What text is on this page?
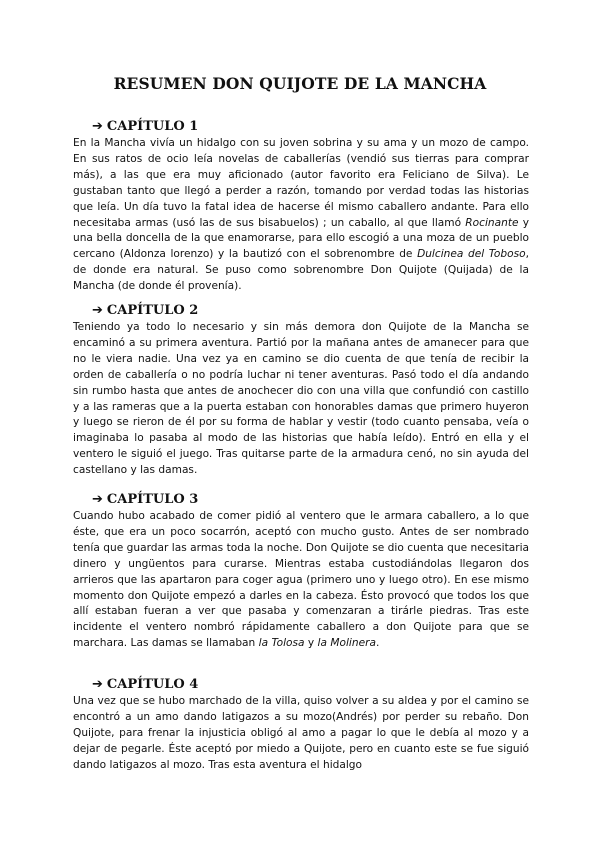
RESUMEN DON QUIJOTE DE LA MANCHA
➔ CAPÍTULO 1
En la Mancha vivía un hidalgo con su joven sobrina y su ama y un mozo de campo. En sus ratos de ocio leía novelas de caballerías (vendió sus tierras para comprar más), a las que era muy aficionado (autor favorito era Feliciano de Silva). Le gustaban tanto que llegó a perder a razón, tomando por verdad todas las historias que leía. Un día tuvo la fatal idea de hacerse él mismo caballero andante. Para ello necesitaba armas (usó las de sus bisabuelos) ; un caballo, al que llamó Rocinante y una bella doncella de la que enamorarse, para ello escogió a una moza de un pueblo cercano (Aldonza lorenzo) y la bautizó con el sobrenombre de Dulcinea del Toboso, de donde era natural. Se puso como sobrenombre Don Quijote (Quijada) de la Mancha (de donde él provenía).
➔ CAPÍTULO 2
Teniendo ya todo lo necesario y sin más demora don Quijote de la Mancha se encaminó a su primera aventura. Partió por la mañana antes de amanecer para que no le viera nadie. Una vez ya en camino se dio cuenta de que tenía de recibir la orden de caballería o no podría luchar ni tener aventuras. Pasó todo el día andando sin rumbo hasta que antes de anochecer dio con una villa que confundió con castillo y a las rameras que a la puerta estaban con honorables damas que primero huyeron y luego se rieron de él por su forma de hablar y vestir (todo cuanto pensaba, veía o imaginaba lo pasaba al modo de las historias que había leído). Entró en ella y el ventero le siguió el juego. Tras quitarse parte de la armadura cenó, no sin ayuda del castellano y las damas.
➔ CAPÍTULO 3
Cuando hubo acabado de comer pidió al ventero que le armara caballero, a lo que éste, que era un poco socarrón, aceptó con mucho gusto. Antes de ser nombrado tenía que guardar las armas toda la noche. Don Quijote se dio cuenta que necesitaria dinero y ungüentos para curarse. Mientras estaba custodiándolas llegaron dos arrieros que las apartaron para coger agua (primero uno y luego otro). En ese mismo momento don Quijote empezó a darles en la cabeza. Ésto provocó que todos los que allí estaban fueran a ver que pasaba y comenzaran a tirárle piedras. Tras este incidente el ventero nombró rápidamente caballero a don Quijote para que se marchara. Las damas se llamaban la Tolosa y la Molinera.
➔ CAPÍTULO 4
Una vez que se hubo marchado de la villa, quiso volver a su aldea y por el camino se encontró a un amo dando latigazos a su mozo(Andrés) por perder su rebaño. Don Quijote, para frenar la injusticia obligó al amo a pagar lo que le debía al mozo y a dejar de pegarle. Éste aceptó por miedo a Quijote, pero en cuanto este se fue siguió dando latigazos al mozo. Tras esta aventura el hidalgo
